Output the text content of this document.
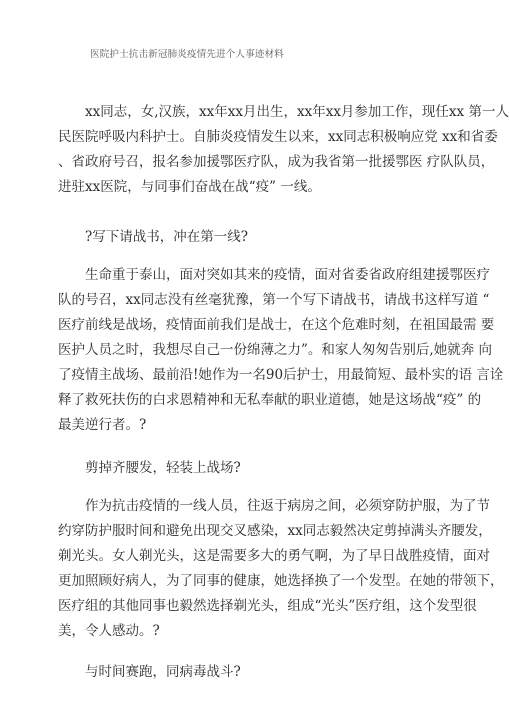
医院护士抗击新冠肺炎疫情先进个人事迹材料
xx同志，女,汉族，xx年xx月出生，xx年xx月参加工作，现任xx 第一人
民医院呼吸内科护士。自肺炎疫情发生以来，xx同志积极响应党 xx和省委
、省政府号召，报名参加援鄂医疗队，成为我省第一批援鄂医 疗队队员，
进驻xx医院，与同事们奋战在战“疫” 一线。
?写下请战书，冲在第一线?
生命重于泰山，面对突如其来的疫情，面对省委省政府组建援鄂医疗
队的号召，xx同志没有丝毫犹豫，第一个写下请战书，请战书这样写道 “
医疗前线是战场，疫情面前我们是战士，在这个危难时刻，在祖国最需 要
医护人员之时，我想尽自己一份绵薄之力”。和家人匆匆告别后,她就奔 向
了疫情主战场、最前沿!她作为一名90后护士，用最简短、最朴实的语 言诠
释了救死扶伤的白求恩精神和无私奉献的职业道德，她是这场战“疫” 的
最美逆行者。?
剪掉齐腰发，轻装上战场?
作为抗击疫情的一线人员，往返于病房之间，必须穿防护服，为了节
约穿防护服时间和避免出现交叉感染，xx同志毅然决定剪掉满头齐腰发，
剃光头。女人剃光头，这是需要多大的勇气啊，为了早日战胜疫情，面对
更加照顾好病人，为了同事的健康，她选择换了一个发型。在她的带领下，
医疗组的其他同事也毅然选择剃光头，组成“光头”医疗组，这个发型很
美，令人感动。?
与时间赛跑，同病毒战斗?
